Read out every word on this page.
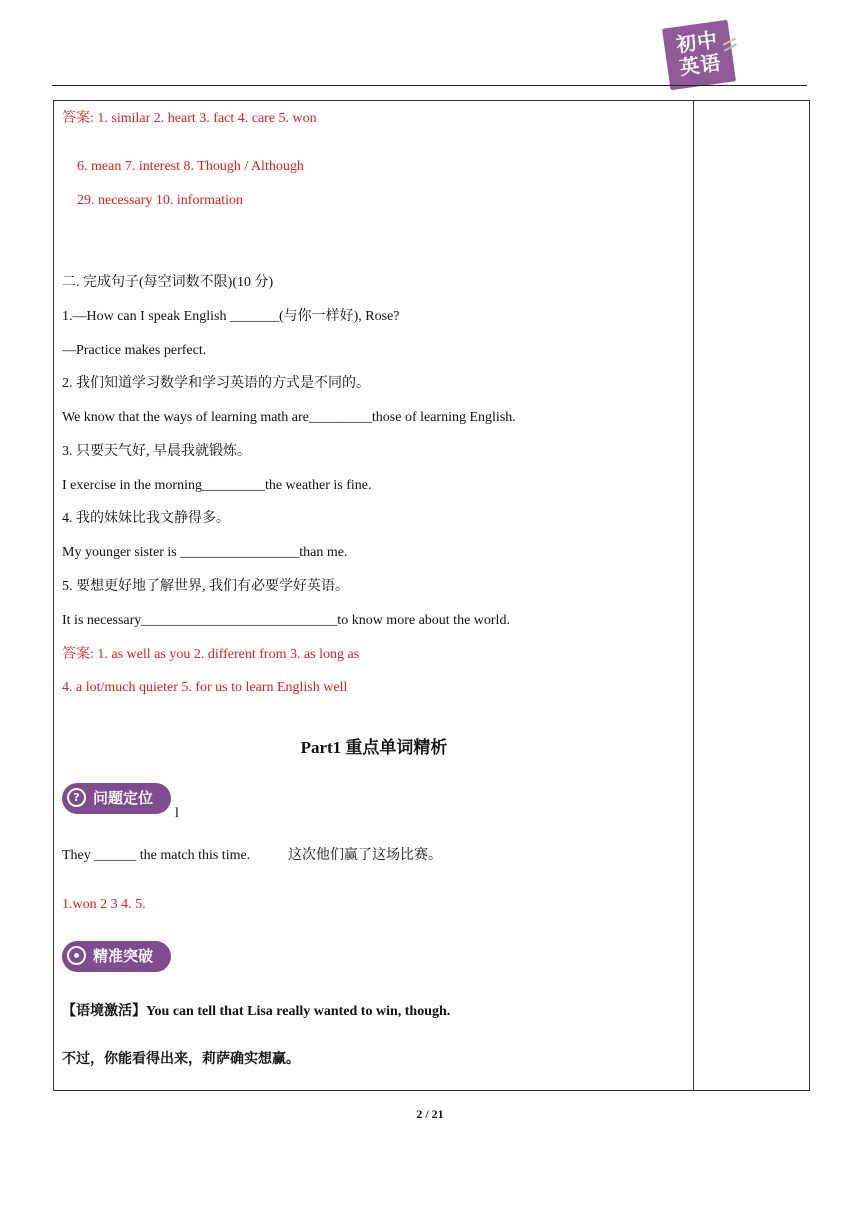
初中
英语
答案: 1. similar 2. heart 3. fact 4. care 5. won
6. mean 7. interest 8. Though / Although
29. necessary 10. information
二. 完成句子(每空词数不限)(10 分)
1.—How can I speak English _______(与你一样好), Rose?
—Practice makes perfect.
2. 我们知道学习数学和学习英语的方式是不同的。
We know that the ways of learning math are_________those of learning English.
3. 只要天气好, 早晨我就锻炼。
I exercise in the morning_________the weather is fine.
4. 我的妹妹比我文静得多。
My younger sister is _________________than me.
5. 要想更好地了解世界, 我们有必要学好英语。
It is necessary____________________________to know more about the world.
答案: 1. as well as you 2. different from 3. as long as
4. a lot/much quieter 5. for us to learn English well
Part1 重点单词精析
? 问题定位
l
They ______ the match this time.	这次他们赢了这场比赛。
1.won 2 3 4. 5.
精准突破
【语境激活】You can tell that Lisa really wanted to win, though.
不过，你能看得出来，莉萨确实想赢。
2 / 21
